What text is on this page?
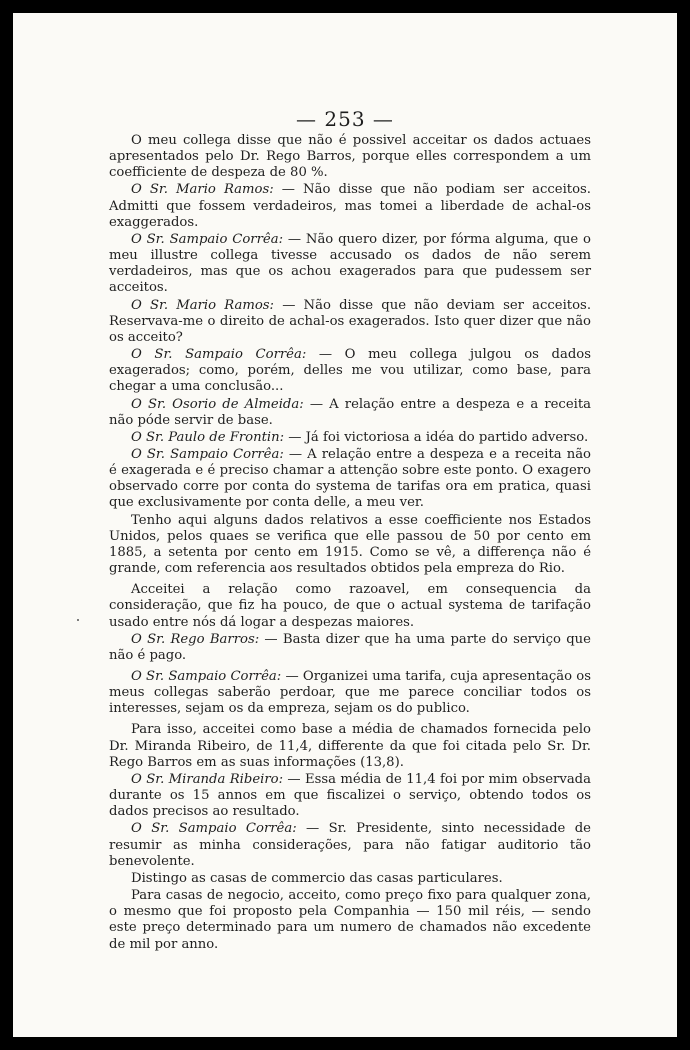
— 253 —

O meu collega disse que não é possivel acceitar os dados actuaes apresentados pelo Dr. Rego Barros, porque elles correspondem a um coefficiente de despeza de 80 %.

O Sr. Mario Ramos: — Não disse que não podiam ser acceitos. Admitti que fossem verdadeiros, mas tomei a liberdade de achal-os exaggerados.

O Sr. Sampaio Corrêa: — Não quero dizer, por fórma alguma, que o meu illustre collega tivesse accusado os dados de não serem verdadeiros, mas que os achou exagerados para que pudessem ser acceitos.

O Sr. Mario Ramos: — Não disse que não deviam ser acceitos. Reservava-me o direito de achal-os exagerados. Isto quer dizer que não os acceito?

O Sr. Sampaio Corrêa: — O meu collega julgou os dados exagerados; como, porém, delles me vou utilizar, como base, para chegar a uma conclusão...

O Sr. Osorio de Almeida: — A relação entre a despeza e a receita não póde servir de base.

O Sr. Paulo de Frontin: — Já foi victoriosa a idéa do partido adverso.

O Sr. Sampaio Corrêa: — A relação entre a despeza e a receita não é exagerada e é preciso chamar a attenção sobre este ponto. O exagero observado corre por conta do systema de tarifas ora em pratica, quasi que exclusivamente por conta delle, a meu ver.

Tenho aqui alguns dados relativos a esse coefficiente nos Estados Unidos, pelos quaes se verifica que elle passou de 50 por cento em 1885, a setenta por cento em 1915. Como se vê, a differença não é grande, com referencia aos resultados obtidos pela empreza do Rio.

Acceitei a relação como razoavel, em consequencia da consideração, que fiz ha pouco, de que o actual systema de tarifação usado entre nós dá logar a despezas maiores.

O Sr. Rego Barros: — Basta dizer que ha uma parte do serviço que não é pago.

O Sr. Sampaio Corrêa: — Organizei uma tarifa, cuja apresentação os meus collegas saberão perdoar, que me parece conciliar todos os interesses, sejam os da empreza, sejam os do publico.

Para isso, acceitei como base a média de chamados fornecida pelo Dr. Miranda Ribeiro, de 11,4, differente da que foi citada pelo Sr. Dr. Rego Barros em as suas informações (13,8).

O Sr. Miranda Ribeiro: — Essa média de 11,4 foi por mim observada durante os 15 annos em que fiscalizei o serviço, obtendo todos os dados precisos ao resultado.

O Sr. Sampaio Corrêa: — Sr. Presidente, sinto necessidade de resumir as minha considerações, para não fatigar auditorio tão benevolente.

Distingo as casas de commercio das casas particulares.

Para casas de negocio, acceito, como preço fixo para qualquer zona, o mesmo que foi proposto pela Companhia — 150 mil réis, — sendo este preço determinado para um numero de chamados não excedente de mil por anno.
